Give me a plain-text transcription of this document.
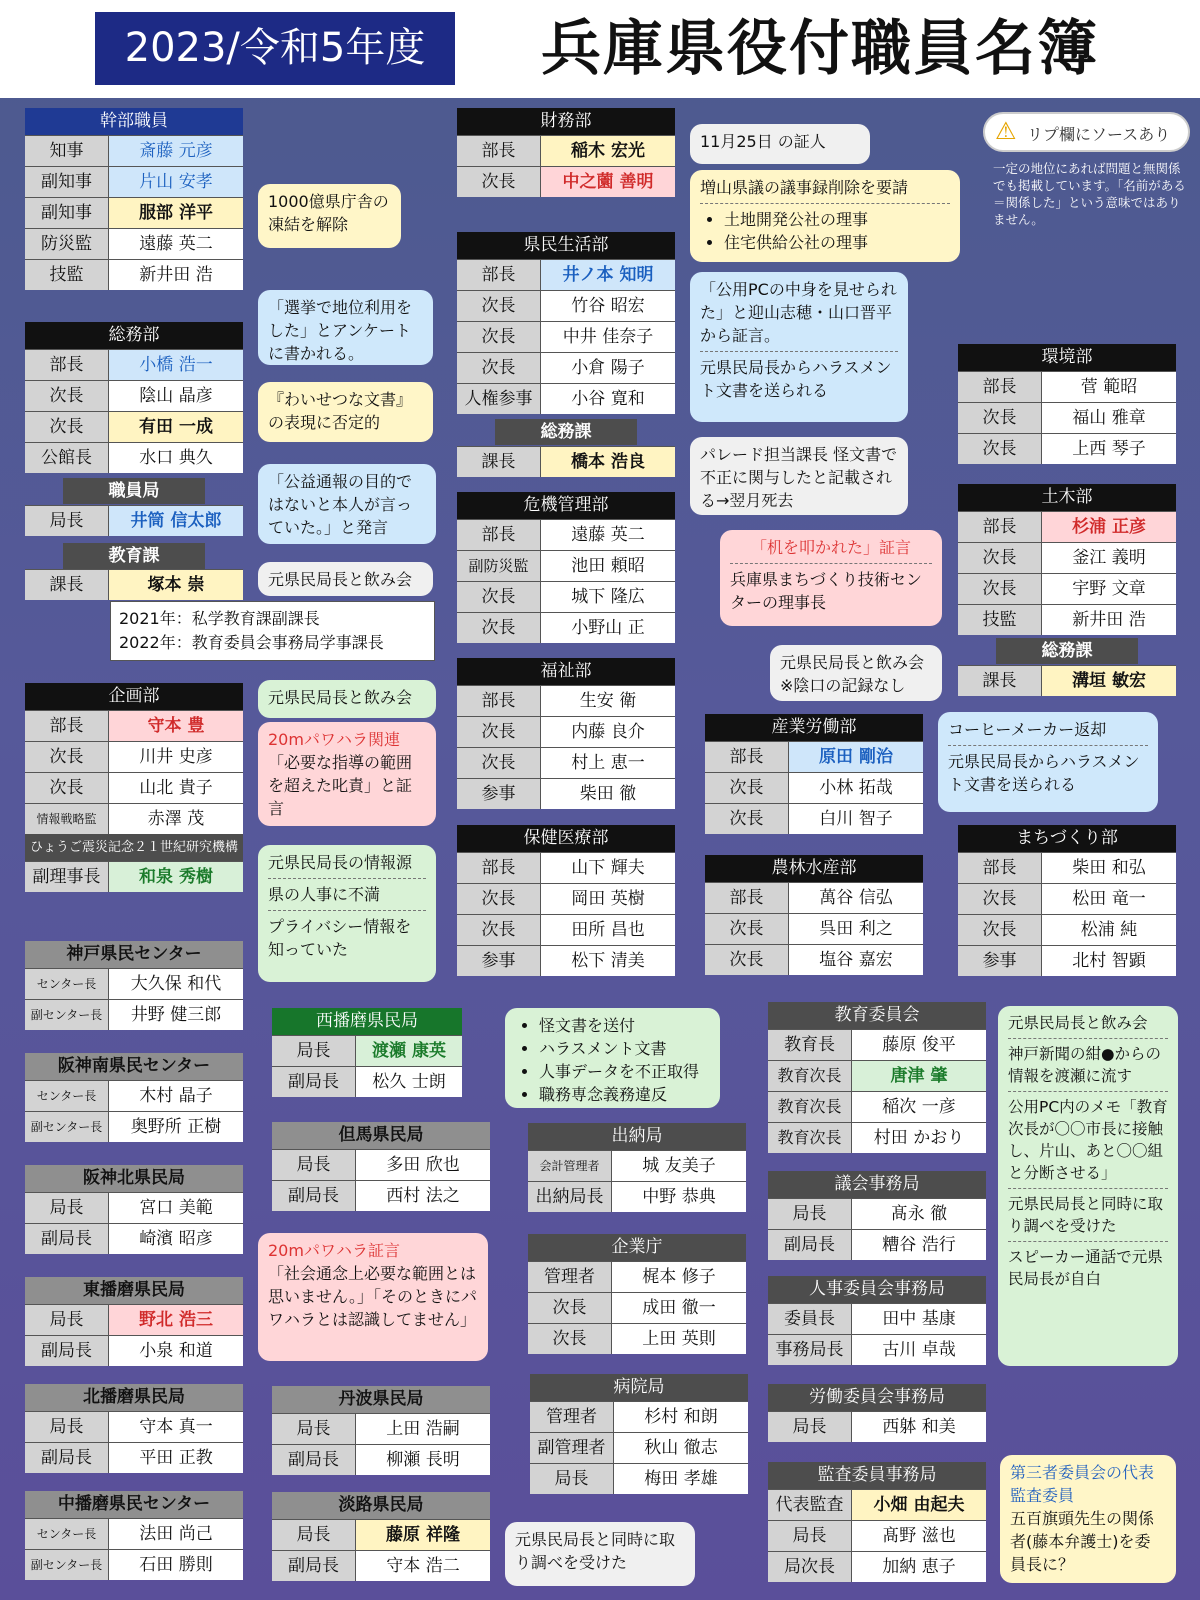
2023/令和5年度	兵庫県役付職員名簿
⚠ リプ欄にソースあり
一定の地位にあれば問題と無関係でも掲載しています。「名前がある＝関係した」という意味ではありません。
幹部職員
知事	斎藤 元彦
副知事	片山 安孝
副知事	服部 洋平
防災監	遠藤 英二
技監	新井田 浩
総務部
部長	小橋 浩一
次長	陰山 晶彦
次長	有田 一成
公館長	水口 典久
職員局
局長	井筒 信太郎
教育課
課長	塚本 崇
2021年：私学教育課副課長
2022年：教育委員会事務局学事課長
企画部
部長	守本 豊
次長	川井 史彦
次長	山北 貴子
情報戦略監	赤澤 茂
ひょうご震災記念２１世紀研究機構
副理事長	和泉 秀樹
神戸県民センター
センター長	大久保 和代
副センター長	井野 健三郎
阪神南県民センター
センター長	木村 晶子
副センター長	奥野所 正樹
阪神北県民局
局長	宮口 美範
副局長	崎濱 昭彦
東播磨県民局
局長	野北 浩三
副局長	小泉 和道
北播磨県民局
局長	守本 真一
副局長	平田 正教
中播磨県民センター
センター長	法田 尚己
副センター長	石田 勝則
西播磨県民局
局長	渡瀬 康英
副局長	松久 士朗
但馬県民局
局長	多田 欣也
副局長	西村 法之
丹波県民局
局長	上田 浩嗣
副局長	柳瀬 長明
淡路県民局
局長	藤原 祥隆
副局長	守本 浩二
財務部
部長	稲木 宏光
次長	中之薗 善明
県民生活部
部長	井ノ本 知明
次長	竹谷 昭宏
次長	中井 佳奈子
次長	小倉 陽子
人権参事	小谷 寛和
総務課
課長	橋本 浩良
危機管理部
部長	遠藤 英二
副防災監	池田 頼昭
次長	城下 隆広
次長	小野山 正
福祉部
部長	生安 衛
次長	内藤 良介
次長	村上 恵一
参事	柴田 徹
保健医療部
部長	山下 輝夫
次長	岡田 英樹
次長	田所 昌也
参事	松下 清美
出納局
会計管理者	城 友美子
出納局長	中野 恭典
企業庁
管理者	梶本 修子
次長	成田 徹一
次長	上田 英則
病院局
管理者	杉村 和朗
副管理者	秋山 徹志
局長	梅田 孝雄
産業労働部
部長	原田 剛治
次長	小林 拓哉
次長	白川 智子
農林水産部
部長	萬谷 信弘
次長	呉田 利之
次長	塩谷 嘉宏
教育委員会
教育長	藤原 俊平
教育次長	唐津 肇
教育次長	稲次 一彦
教育次長	村田 かおり
議会事務局
局長	髙永 徹
副局長	糟谷 浩行
人事委員会事務局
委員長	田中 基康
事務局長	古川 卓哉
労働委員会事務局
局長	西躰 和美
監査委員事務局
代表監査	小畑 由起夫
局長	髙野 滋也
局次長	加納 恵子
環境部
部長	菅 範昭
次長	福山 雅章
次長	上西 琴子
土木部
部長	杉浦 正彦
次長	釜江 義明
次長	宇野 文章
技監	新井田 浩
総務課
課長	溝垣 敏宏
まちづくり部
部長	柴田 和弘
次長	松田 竜一
次長	松浦 純
参事	北村 智顕
1000億県庁舎の凍結を解除
「選挙で地位利用をした」とアンケートに書かれる。
『わいせつな文書』の表現に否定的
「公益通報の目的ではないと本人が言っていた。」と発言
元県民局長と飲み会
元県民局長と飲み会
20mパワハラ関連
「必要な指導の範囲を超えた叱責」と証言
元県民局長の情報源
県の人事に不満
プライバシー情報を知っていた
20mパワハラ証言
「社会通念上必要な範囲とは思いません。」「そのときにパワハラとは認識してません」
11月25日 の証人
増山県議の議事録削除を要請
• 土地開発公社の理事
• 住宅供給公社の理事
「公用PCの中身を見せられた」と迎山志穂・山口晋平から証言。
元県民局長からハラスメント文書を送られる
パレード担当課長 怪文書で不正に関与したと記載される→翌月死去
「机を叩かれた」証言
兵庫県まちづくり技術センターの理事長
元県民局長と飲み会
※陰口の記録なし
コーヒーメーカー返却
元県民局長からハラスメント文書を送られる
• 怪文書を送付
• ハラスメント文書
• 人事データを不正取得
• 職務専念義務違反
元県民局長と同時に取り調べを受けた
元県民局長と飲み会
神戸新聞の紺●からの情報を渡瀬に流す
公用PC内のメモ「教育次長が〇〇市長に接触し、片山、あと〇〇組と分断させる」
元県民局長と同時に取り調べを受けた
スピーカー通話で元県民局長が自白
第三者委員会の代表監査委員
五百旗頭先生の関係者(藤本弁護士)を委員長に？
